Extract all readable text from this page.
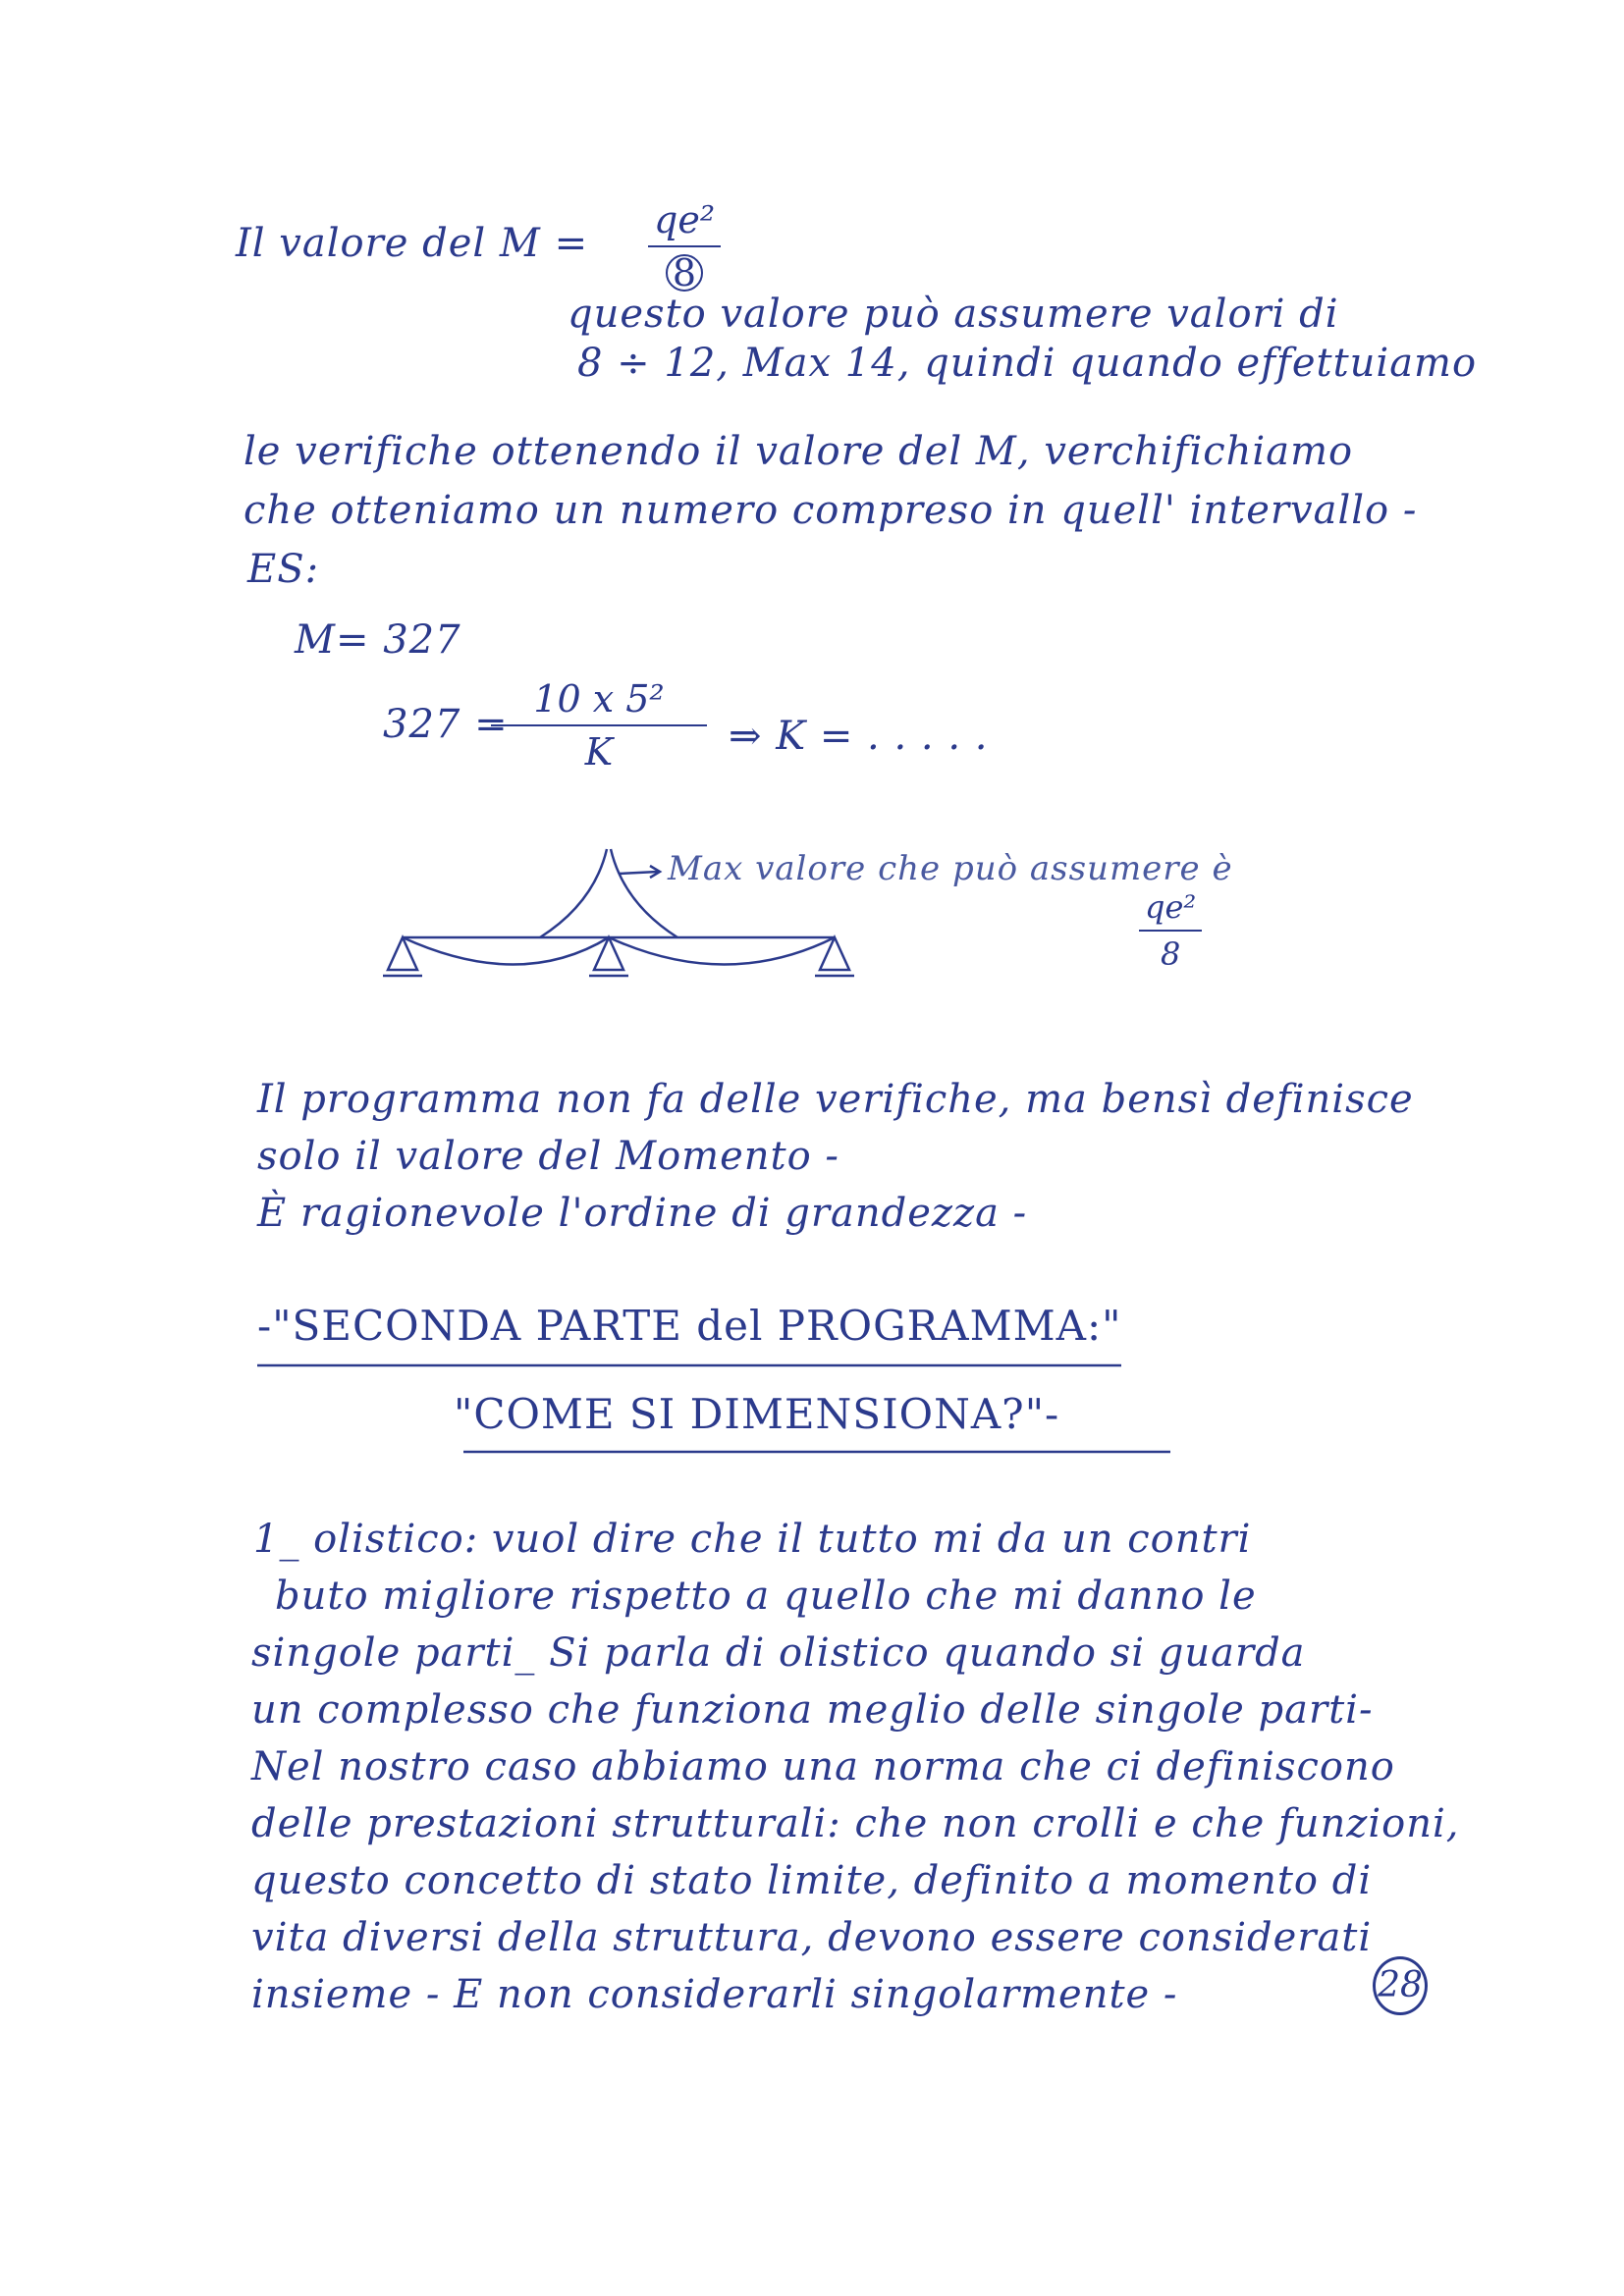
Il valore del $M = \frac{\text{qe²}}{8}$
questo valore può assumere valori di
8 ÷ 12, Max 14, quindi quando effettuiamo
le verifiche ottenendo il valore del M, verchifichiamo
che otteniamo un numero compreso in quell' intervallo -
ES:
M= 327
327 =
$\frac{\text{10 x 5²}}{K}$ ⇒ K = . . . . .
Max valore che può assumere è
$\frac{\text{qe²}}{8}$
Il programma non fa delle verifiche, ma bensì definisce
solo il valore del Momento -
È ragionevole l'ordine di grandezza -
-"SECONDA PARTE del PROGRAMMA:"
"COME SI DIMENSIONA?"-
1_ olistico: vuol dire che il tutto mi da un contri
buto migliore rispetto a quello che mi danno le
singole parti_ Si parla di olistico quando si guarda
un complesso che funziona meglio delle singole parti-
Nel nostro caso abbiamo una norma che ci definiscono
delle prestazioni strutturali: che non crolli e che funzioni,
questo concetto di stato limite, definito a momento di
vita diversi della struttura, devono essere considerati
insieme - E non considerarli singolarmente -	28
